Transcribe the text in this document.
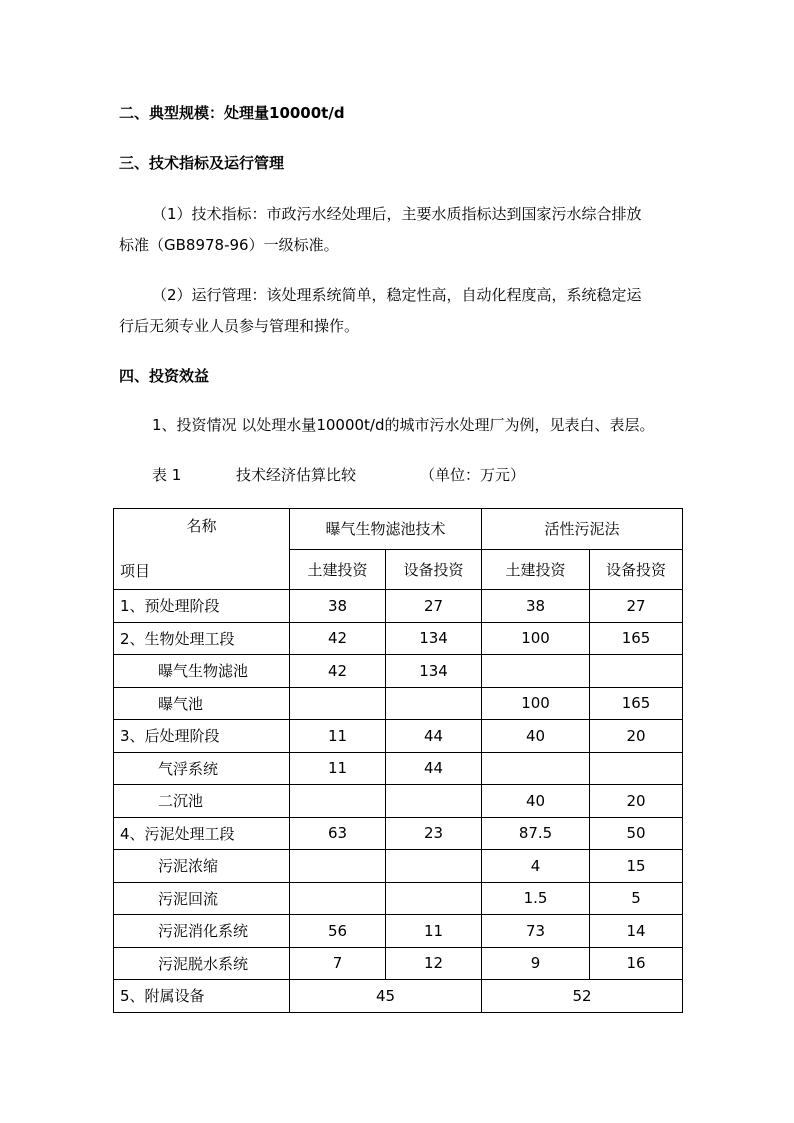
二、典型规模：处理量10000t/d
三、技术指标及运行管理
（1）技术指标：市政污水经处理后，主要水质指标达到国家污水综合排放
标准（GB8978-96）一级标准。
（2）运行管理：该处理系统简单，稳定性高，自动化程度高，系统稳定运
行后无须专业人员参与管理和操作。
四、投资效益
1、投资情况 以处理水量10000t/d的城市污水处理厂为例，见表白、表层。
表 1	技术经济估算比较	（单位：万元）
名称
项目	曝气生物滤池技术		活性污泥法	
	土建投资	设备投资	土建投资	设备投资
1、预处理阶段	38	27	38	27
2、生物处理工段	42	134	100	165
曝气生物滤池	42	134		
曝气池			100	165
3、后处理阶段	11	44	40	20
气浮系统	11	44		
二沉池			40	20
4、污泥处理工段	63	23	87.5	50
污泥浓缩			4	15
污泥回流			1.5	5
污泥消化系统	56	11	73	14
污泥脱水系统	7	12	9	16
5、附属设备	45		52	
